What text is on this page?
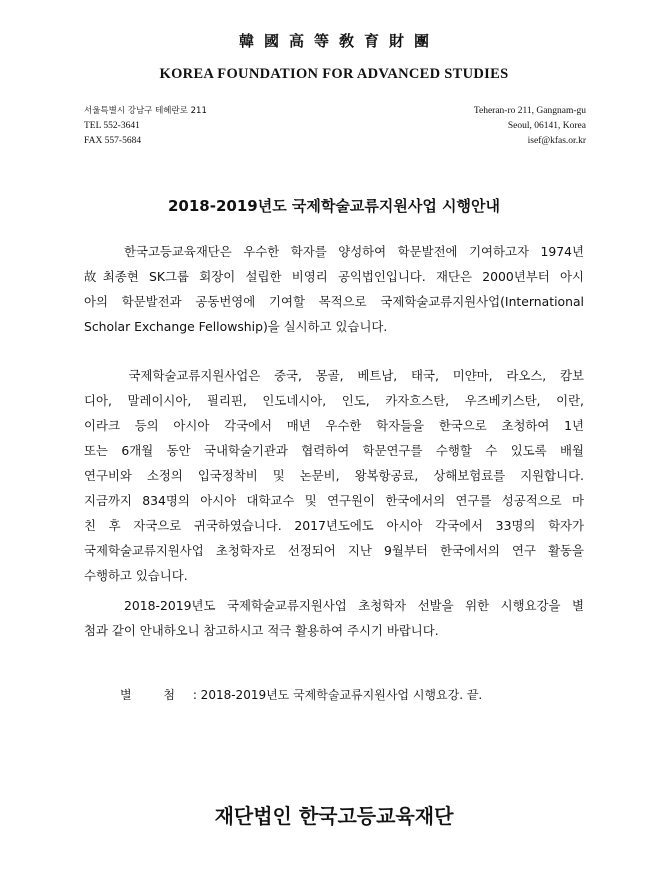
韓國高等敎育財團
KOREA FOUNDATION FOR ADVANCED STUDIES
서울특별시 강남구 테헤란로 211
TEL 552-3641
FAX 557-5684
Teheran-ro 211, Gangnam-gu
Seoul, 06141, Korea
isef@kfas.or.kr
2018-2019년도 국제학술교류지원사업 시행안내
　　한국고등교육재단은 우수한 학자를 양성하여 학문발전에 기여하고자 1974년
故최종현 SK그룹 회장이 설립한 비영리 공익법인입니다. 재단은 2000년부터 아시
아의 학문발전과 공동번영에 기여할 목적으로 국제학술교류지원사업(International
Scholar Exchange Fellowship)을 실시하고 있습니다.
　　국제학술교류지원사업은 중국, 몽골, 베트남, 태국, 미얀마, 라오스, 캄보
디아, 말레이시아, 필리핀, 인도네시아, 인도, 카자흐스탄, 우즈베키스탄, 이란,
이라크 등의 아시아 각국에서 매년 우수한 학자들을 한국으로 초청하여 1년
또는 6개월 동안 국내학술기관과 협력하여 학문연구를 수행할 수 있도록 배월
연구비와 소정의 입국정착비 및 논문비, 왕복항공료, 상해보험료를 지원합니다.
지금까지 834명의 아시아 대학교수 및 연구원이 한국에서의 연구를 성공적으로 마
친 후 자국으로 귀국하였습니다. 2017년도에도 아시아 각국에서 33명의 학자가
국제학술교류지원사업 초청학자로 선정되어 지난 9월부터 한국에서의 연구 활동을
수행하고 있습니다.
　　2018-2019년도 국제학술교류지원사업 초청학자 선발을 위한 시행요강을 별
첨과 같이 안내하오니 참고하시고 적극 활용하여 주시기 바랍니다.
별 첨 : 2018-2019년도 국제학술교류지원사업 시행요강. 끝.
재단법인 한국고등교육재단
